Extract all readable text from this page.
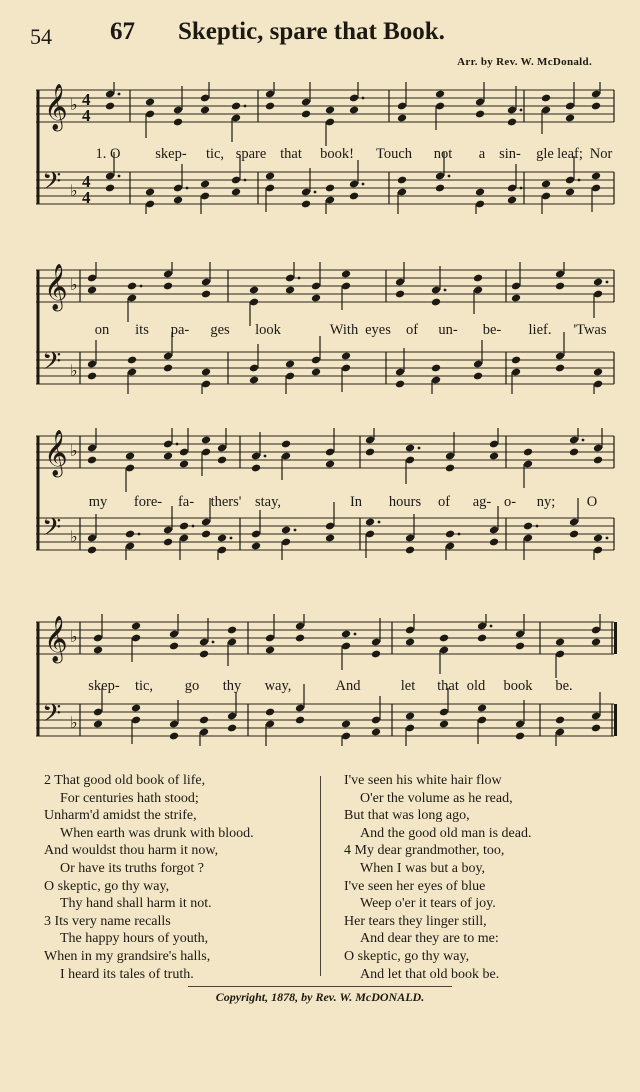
54 67 Skeptic, spare that Book.
Arr. by Rev. W. McDonald.
𝄞
𝄢
♭
♭
4
4
4
4
𝄞
𝄢
♭
♭
𝄞
𝄢
♭
♭
𝄞
𝄢
♭
♭
2 That good old book of life,
For centuries hath stood;
Unharm'd amidst the strife,
When earth was drunk with blood.
And wouldst thou harm it now,
Or have its truths forgot ?
O skeptic, go thy way,
Thy hand shall harm it not.
3 Its very name recalls
The happy hours of youth,
When in my grandsire's halls,
I heard its tales of truth.
I've seen his white hair flow
O'er the volume as he read,
But that was long ago,
And the good old man is dead.
4 My dear grandmother, too,
When I was but a boy,
I've seen her eyes of blue
Weep o'er it tears of joy.
Her tears they linger still,
And dear they are to me:
O skeptic, go thy way,
And let that old book be.
Copyright, 1878, by Rev. W. McDONALD.
1. O skep- tic, spare that book! Touch not a sin- gle leaf; Nor
on its pa- ges look	With eyes of un- be- lief. 'Twas
my fore- fa- thers' stay,	In hours of ag- o- ny; O
skep- tic, go thy way,	And	let that old book be.
